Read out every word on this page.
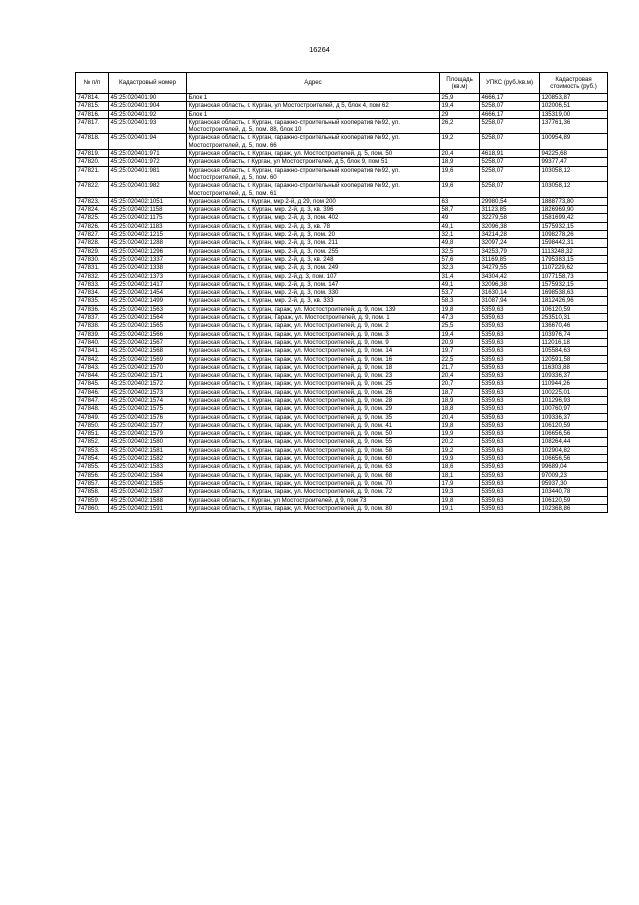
16264
№ п/п	Кадастровый номер	Адрес	Площадь (кв.м)	УПКС (руб./кв.м)	Кадастровая стоимость (руб.)
747814.	45:25:020401:90	Блок 1	25,9	4666,17	120853,87
747815.	45:25:020401:904	Курганская область, г. Курган, ул Мостостроителей, д 5, блок 4, пом 62	19,4	5258,07	102006,51
747816.	45:25:020401:92	Блок 1	29	4666,17	135319,00
747817.	45:25:020401:93	Курганская область, г. Курган, гаражно-строительный кооператив №92, ул. Мостостроителей, д. 5, пом. 88, блок 10	26,2	5258,07	137761,36
747818.	45:25:020401:94	Курганская область, г. Курган, гаражно-строительный кооператив №92, ул. Мостостроителей, д. 5, пом. 66	19,2	5258,07	100954,89
747819.	45:25:020401:971	Курганская область, г. Курган, гараж, ул. Мостостроителей, д. 5, пом. 50	20,4	4618,91	94225,68
747820.	45:25:020401:972	Курганская область, г Курган, ул Мостостроителей, д 5, блок 9, пом 51	18,9	5258,07	99377,47
747821.	45:25:020401:981	Курганская область, г. Курган, гаражно-строительный кооператив №92, ул. Мостостроителей, д. 5, пом. 60	19,6	5258,07	103058,12
747822.	45:25:020401:982	Курганская область, г. Курган, гаражно-строительный кооператив №92, ул. Мостостроителей, д. 5, пом. 61	19,6	5258,07	103058,12
747823.	45:25:020402:1051	Курганская область, г Курган, мкр 2-й, д 29, пом 200	63	29980,54	1888773,80
747824.	45:25:020402:1158	Курганская область, г. Курган, мкр. 2-й, д. 3, кв. 396	58,7	31123,85	1826969,90
747825.	45:25:020402:1175	Курганская область, г. Курган, мкр. 2-й, д. 3, пом. 402	49	32279,58	1581699,42
747826.	45:25:020402:1183	Курганская область, г. Курган, мкр. 2-й, д. 3, кв. 78	49,1	32096,38	1575932,15
747827.	45:25:020402:1215	Курганская область, г. Курган, мкр. 2-й, д. 3, пом. 20	32,1	34214,28	1098278,26
747828.	45:25:020402:1288	Курганская область, г. Курган, мкр. 2-й, д. 3, пом. 211	49,8	32097,24	1598442,31
747829.	45:25:020402:1296	Курганская область, г. Курган, мкр. 2-й, д. 3, пом. 255	32,5	34253,79	1113248,32
747830.	45:25:020402:1337	Курганская область, г. Курган, мкр. 2-й, д. 3, кв. 248	57,6	31169,85	1795383,15
747831.	45:25:020402:1338	Курганская область, г. Курган, мкр. 2-й, д. 3, пом. 249	32,3	34279,55	1107229,62
747832.	45:25:020402:1373	Курганская область, г. Курган, мкр. 2-й,д. 3, пом. 107	31,4	34304,42	1077158,73
747833.	45:25:020402:1417	Курганская область, г. Курган, мкр. 2-й, д. 3, пом. 147	49,1	32096,38	1575932,15
747834.	45:25:020402:1454	Курганская область, г. Курган, мкр. 2-й, д. 3, пом. 330	53,7	31630,14	1698538,63
747835.	45:25:020402:1499	Курганская область, г. Курган, мкр. 2-й, д. 3, кв. 333	58,3	31087,94	1812426,96
747836.	45:25:020402:1563	Курганская область, г. Курган, гараж, ул. Мостостроителей, д. 9, пом. 139	19,8	5359,63	106120,59
747837.	45:25:020402:1564	Курганская область, г. Курган, Гараж, ул. Мостостроителей, д. 9, пом. 1	47,3	5359,63	253510,31
747838.	45:25:020402:1565	Курганская область, г. Курган, гараж, ул. Мостостроителей, д. 9, пом. 2	25,5	5359,63	136670,46
747839.	45:25:020402:1566	Курганская область, г. Курган, гараж, ул. Мостостроителей, д. 9, пом. 3	19,4	5359,63	103976,74
747840.	45:25:020402:1567	Курганская область, г. Курган, гараж, ул. Мостостроителей, д. 9, пом. 9	20,9	5359,63	112016,18
747841.	45:25:020402:1568	Курганская область, г. Курган, гараж, ул. Мостостроителей, д. 9, пом. 14	19,7	5359,63	105584,63
747842.	45:25:020402:1569	Курганская область, г. Курган, гараж, ул. Мостостроителей, д. 9, пом. 16	22,5	5359,63	120591,58
747843.	45:25:020402:1570	Курганская область, г. Курган, гараж, ул. Мостостроителей, д. 9, пом. 18	21,7	5359,63	116303,88
747844.	45:25:020402:1571	Курганская область, г. Курган, гараж, ул. Мостостроителей, д. 9, пом. 23	20,4	5359,63	109336,37
747845.	45:25:020402:1572	Курганская область, г. Курган, гараж, ул. Мостостроителей, д. 9, пом. 25	20,7	5359,63	110944,26
747846.	45:25:020402:1573	Курганская область, г. Курган, гараж, ул. Мостостроителей, д. 9, пом. 26	18,7	5359,63	100225,01
747847.	45:25:020402:1574	Курганская область, г. Курган, гараж, ул. Мостостроителей, д. 9, пом. 28	18,9	5359,63	101296,93
747848.	45:25:020402:1575	Курганская область, г. Курган, гараж, ул. Мостостроителей, д. 9, пом. 29	18,8	5359,63	100760,97
747849.	45:25:020402:1576	Курганская область, г. Курган, гараж, ул. Мостостроителей, д. 9, пом. 35	20,4	5359,63	109336,37
747850.	45:25:020402:1577	Курганская область, г. Курган, гараж, ул. Мостостроителей, д. 9, пом. 41	19,8	5359,63	106120,59
747851.	45:25:020402:1579	Курганская область, г. Курган, гараж, ул. Мостостроителей, д. 9, пом. 50	19,9	5359,63	106656,56
747852.	45:25:020402:1580	Курганская область, г. Курган, гараж, ул. Мостостроителей, д. 9, пом. 55	20,2	5359,63	108264,44
747853.	45:25:020402:1581	Курганская область, г. Курган, гараж, ул. Мостостроителей, д. 9, пом. 58	19,2	5359,63	102904,82
747854.	45:25:020402:1582	Курганская область, г. Курган, гараж, ул. Мостостроителей, д. 9, пом. 60	19,9	5359,63	106656,56
747855.	45:25:020402:1583	Курганская область, г. Курган, гараж, ул. Мостостроителей, д. 9, пом. 63	18,6	5359,63	99689,04
747856.	45:25:020402:1584	Курганская область, г. Курган, гараж, ул. Мостостроителей, д. 9, пом. 68	18,1	5359,63	97009,23
747857.	45:25:020402:1585	Курганская область, г. Курган, гараж, ул. Мостостроителей, д. 9, пом. 70	17,9	5359,63	95937,30
747858.	45:25:020402:1587	Курганская область, г. Курган, гараж, ул. Мостостроителей, д. 9, пом. 72	19,3	5359,63	103440,78
747859.	45:25:020402:1588	Курганская область, г Курган, ул Мостостроителей, д 9, пом 73	19,8	5359,63	106120,59
747860.	45:25:020402:1591	Курганская область, г. Курган, гараж, ул. Мостостроителей, д. 9, пом. 80	19,1	5359,63	102368,86
